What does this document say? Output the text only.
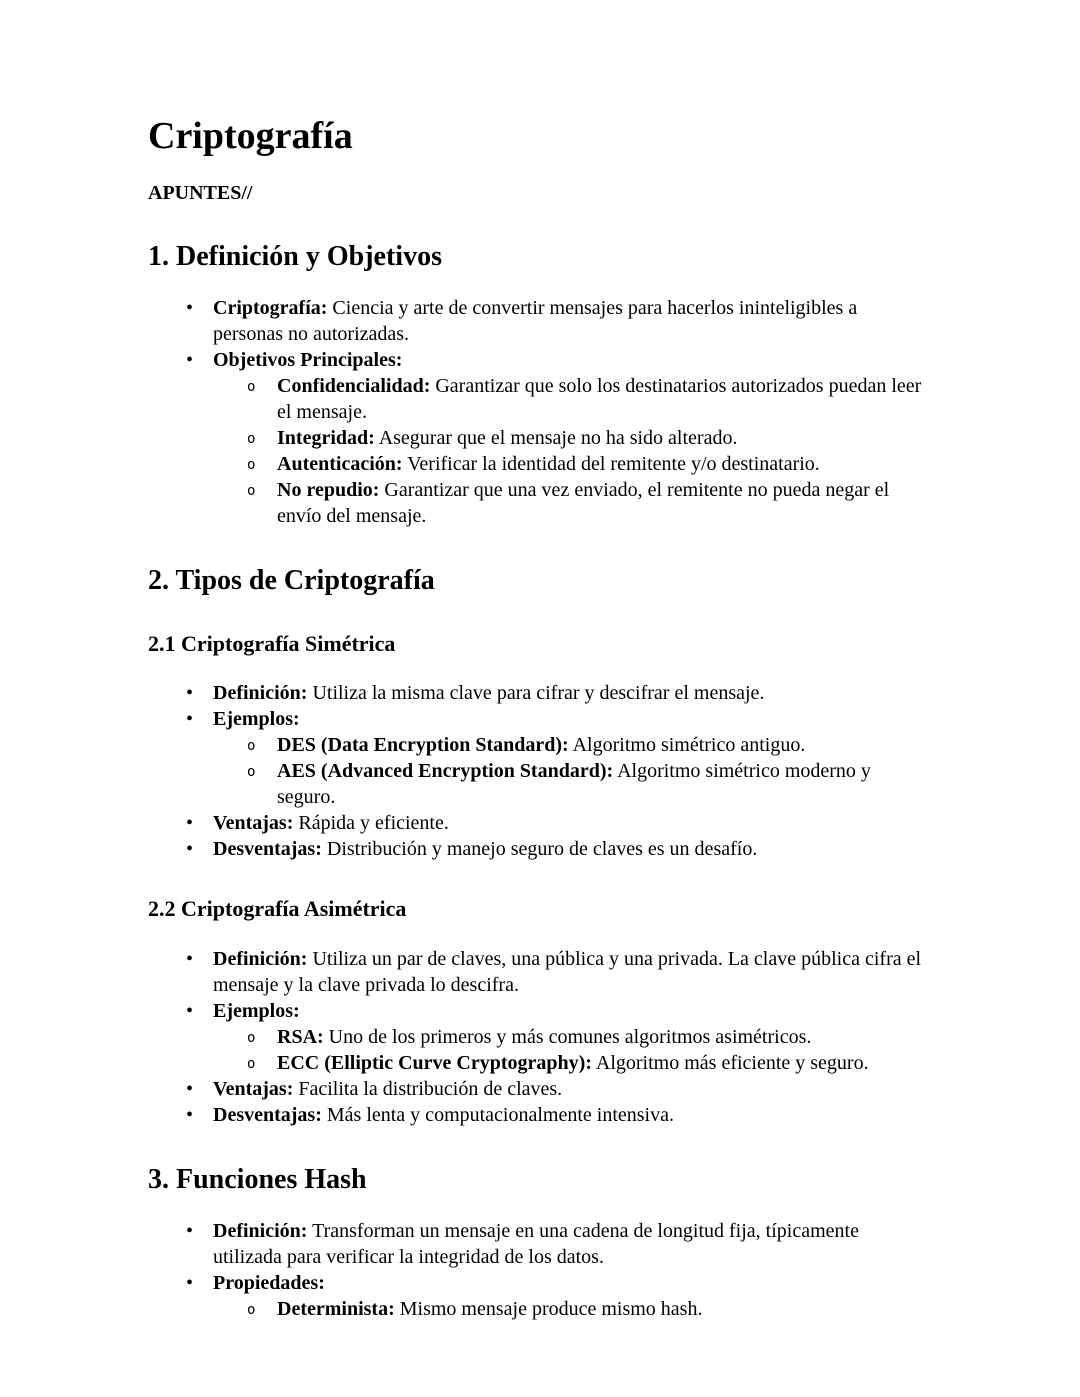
Criptografía

APUNTES//

1. Definición y Objetivos
• Criptografía: Ciencia y arte de convertir mensajes para hacerlos ininteligibles a personas no autorizadas.
• Objetivos Principales:
o Confidencialidad: Garantizar que solo los destinatarios autorizados puedan leer el mensaje.
o Integridad: Asegurar que el mensaje no ha sido alterado.
o Autenticación: Verificar la identidad del remitente y/o destinatario.
o No repudio: Garantizar que una vez enviado, el remitente no pueda negar el envío del mensaje.
2. Tipos de Criptografía
2.1 Criptografía Simétrica
• Definición: Utiliza la misma clave para cifrar y descifrar el mensaje.
• Ejemplos:
o DES (Data Encryption Standard): Algoritmo simétrico antiguo.
o AES (Advanced Encryption Standard): Algoritmo simétrico moderno y seguro.
• Ventajas: Rápida y eficiente.
• Desventajas: Distribución y manejo seguro de claves es un desafío.
2.2 Criptografía Asimétrica
• Definición: Utiliza un par de claves, una pública y una privada. La clave pública cifra el mensaje y la clave privada lo descifra.
• Ejemplos:
o RSA: Uno de los primeros y más comunes algoritmos asimétricos.
o ECC (Elliptic Curve Cryptography): Algoritmo más eficiente y seguro.
• Ventajas: Facilita la distribución de claves.
• Desventajas: Más lenta y computacionalmente intensiva.
3. Funciones Hash
• Definición: Transforman un mensaje en una cadena de longitud fija, típicamente utilizada para verificar la integridad de los datos.
• Propiedades:
o Determinista: Mismo mensaje produce mismo hash.
